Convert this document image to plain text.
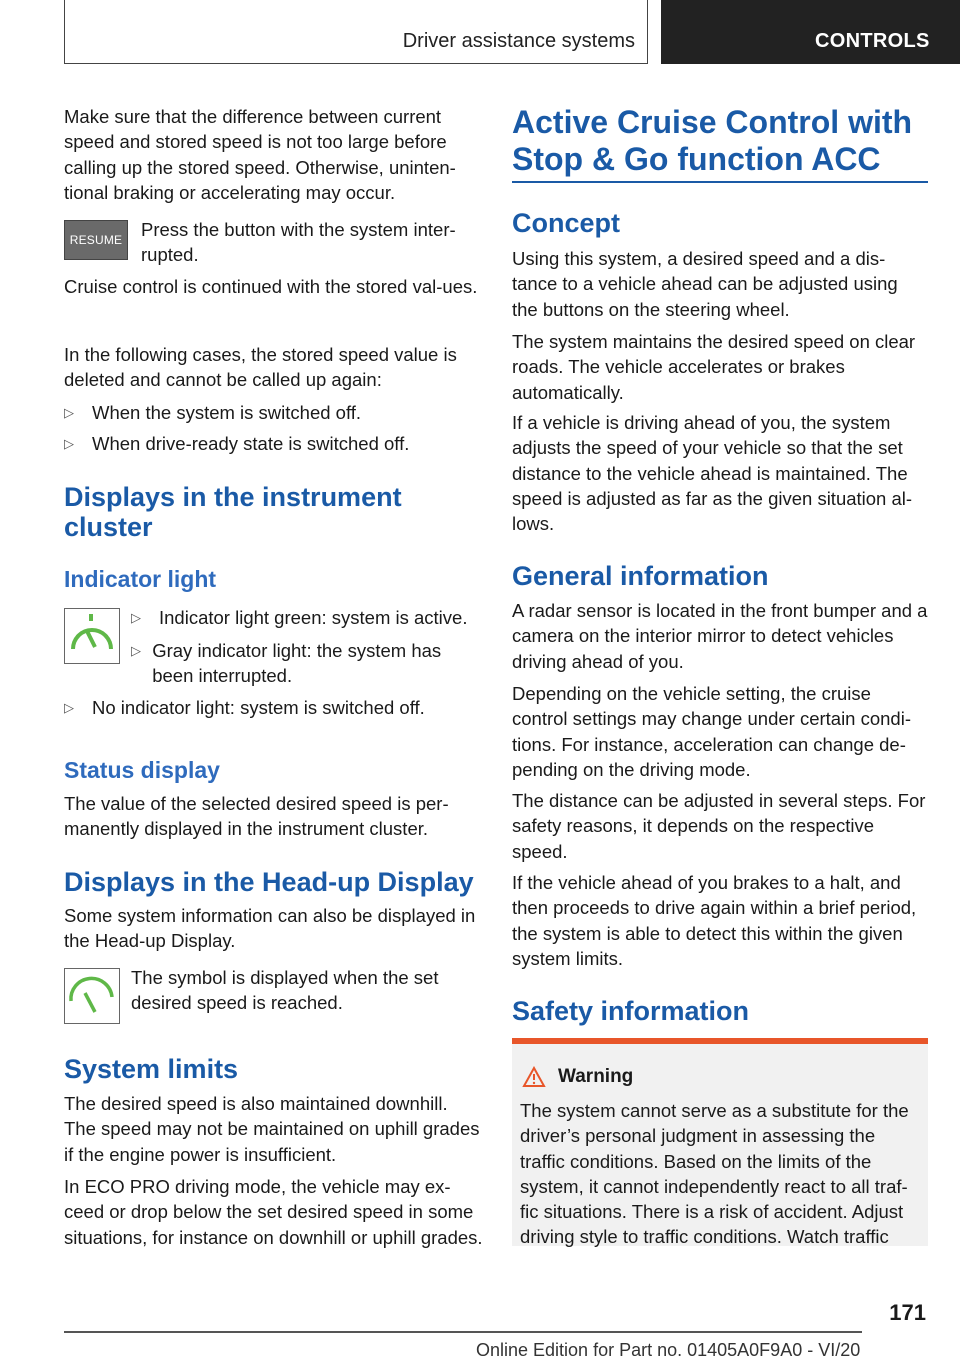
Driver assistance systems	CONTROLS

Make sure that the difference between current speed and stored speed is not too large before calling up the stored speed. Otherwise, uninten‐tional braking or accelerating may occur.

RESUME Press the button with the system inter‐rupted.

Cruise control is continued with the stored val‐ues.

In the following cases, the stored speed value is deleted and cannot be called up again:

▷ When the system is switched off.

▷ When drive-ready state is switched off.

Displays in the instrument cluster
Indicator light
▷ Indicator light green: system is active.

▷ Gray indicator light: the system has been interrupted.

▷ No indicator light: system is switched off.

Status display

The value of the selected desired speed is per‐manently displayed in the instrument cluster.

Displays in the Head-up Display

Some system information can also be displayed in the Head-up Display.

The symbol is displayed when the set desired speed is reached.

System limits

The desired speed is also maintained downhill. The speed may not be maintained on uphill grades if the engine power is insufficient.

In ECO PRO driving mode, the vehicle may ex‐ceed or drop below the set desired speed in some situations, for instance on downhill or uphill grades.

Active Cruise Control with Stop & Go function ACC
Concept

Using this system, a desired speed and a dis‐tance to a vehicle ahead can be adjusted using the buttons on the steering wheel.

The system maintains the desired speed on clear roads. The vehicle accelerates or brakes automatically.

If a vehicle is driving ahead of you, the system adjusts the speed of your vehicle so that the set distance to the vehicle ahead is maintained. The speed is adjusted as far as the given situation al‐lows.

General information

A radar sensor is located in the front bumper and a camera on the interior mirror to detect vehicles driving ahead of you.

Depending on the vehicle setting, the cruise control settings may change under certain condi‐tions. For instance, acceleration can change de‐pending on the driving mode.

The distance can be adjusted in several steps. For safety reasons, it depends on the respective speed.

If the vehicle ahead of you brakes to a halt, and then proceeds to drive again within a brief period, the system is able to detect this within the given system limits.

Safety information
Warning

The system cannot serve as a substitute for the driver’s personal judgment in assessing the traffic conditions. Based on the limits of the system, it cannot independently react to all traf‐fic situations. There is a risk of accident. Adjust driving style to traffic conditions. Watch traffic

171
Online Edition for Part no. 01405A0F9A0 - VI/20
